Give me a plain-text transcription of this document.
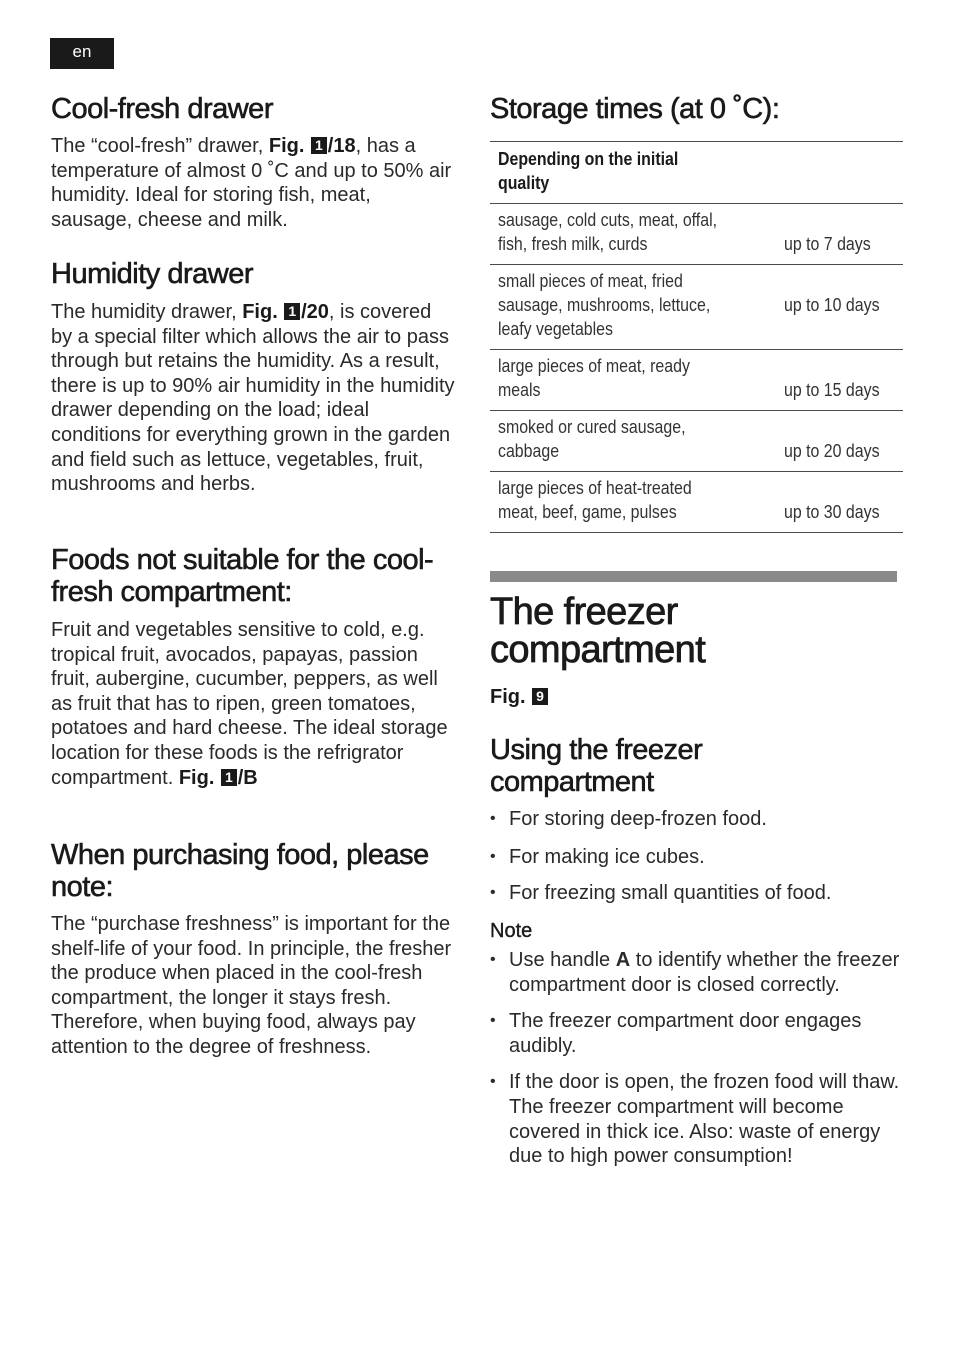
en
Cool-fresh drawer

The “cool-fresh” drawer, Fig. 1 /18, has a temperature of almost 0 ˚C and up to 50% air humidity. Ideal for storing fish, meat, sausage, cheese and milk.

Humidity drawer

The humidity drawer, Fig. 1 /20, is covered by a special filter which allows the air to pass through but retains the humidity. As a result, there is up to 90% air humidity in the humidity drawer depending on the load; ideal conditions for everything grown in the garden and field such as lettuce, vegetables, fruit, mushrooms and herbs.

Foods not suitable for the cool-fresh compartment:

Fruit and vegetables sensitive to cold, e.g. tropical fruit, avocados, papayas, passion fruit, aubergine, cucumber, peppers, as well as fruit that has to ripen, green tomatoes, potatoes and hard cheese. The ideal storage location for these foods is the refrigrator compartment. Fig. 1 /B

When purchasing food, please note:

The “purchase freshness” is important for the shelf-life of your food. In principle, the fresher the produce when placed in the cool-fresh compartment, the longer it stays fresh. Therefore, when buying food, always pay attention to the degree of freshness.

Storage times (at 0 ˚C):
Depending on the initial quality	
sausage, cold cuts, meat, offal, fish, fresh milk, curds	up to 7 days
small pieces of meat, fried sausage, mushrooms, lettuce, leafy vegetables	up to 10 days
large pieces of meat, ready meals	up to 15 days
smoked or cured sausage, cabbage	up to 20 days
large pieces of heat-treated meat, beef, game, pulses	up to 30 days
The freezer compartment

Fig. 9

Using the freezer compartment
• For storing deep-frozen food.
• For making ice cubes.
• For freezing small quantities of food.
Note
• Use handle A to identify whether the freezer compartment door is closed correctly.
• The freezer compartment door engages audibly.
• If the door is open, the frozen food will thaw. The freezer compartment will become covered in thick ice. Also: waste of energy due to high power consumption!
